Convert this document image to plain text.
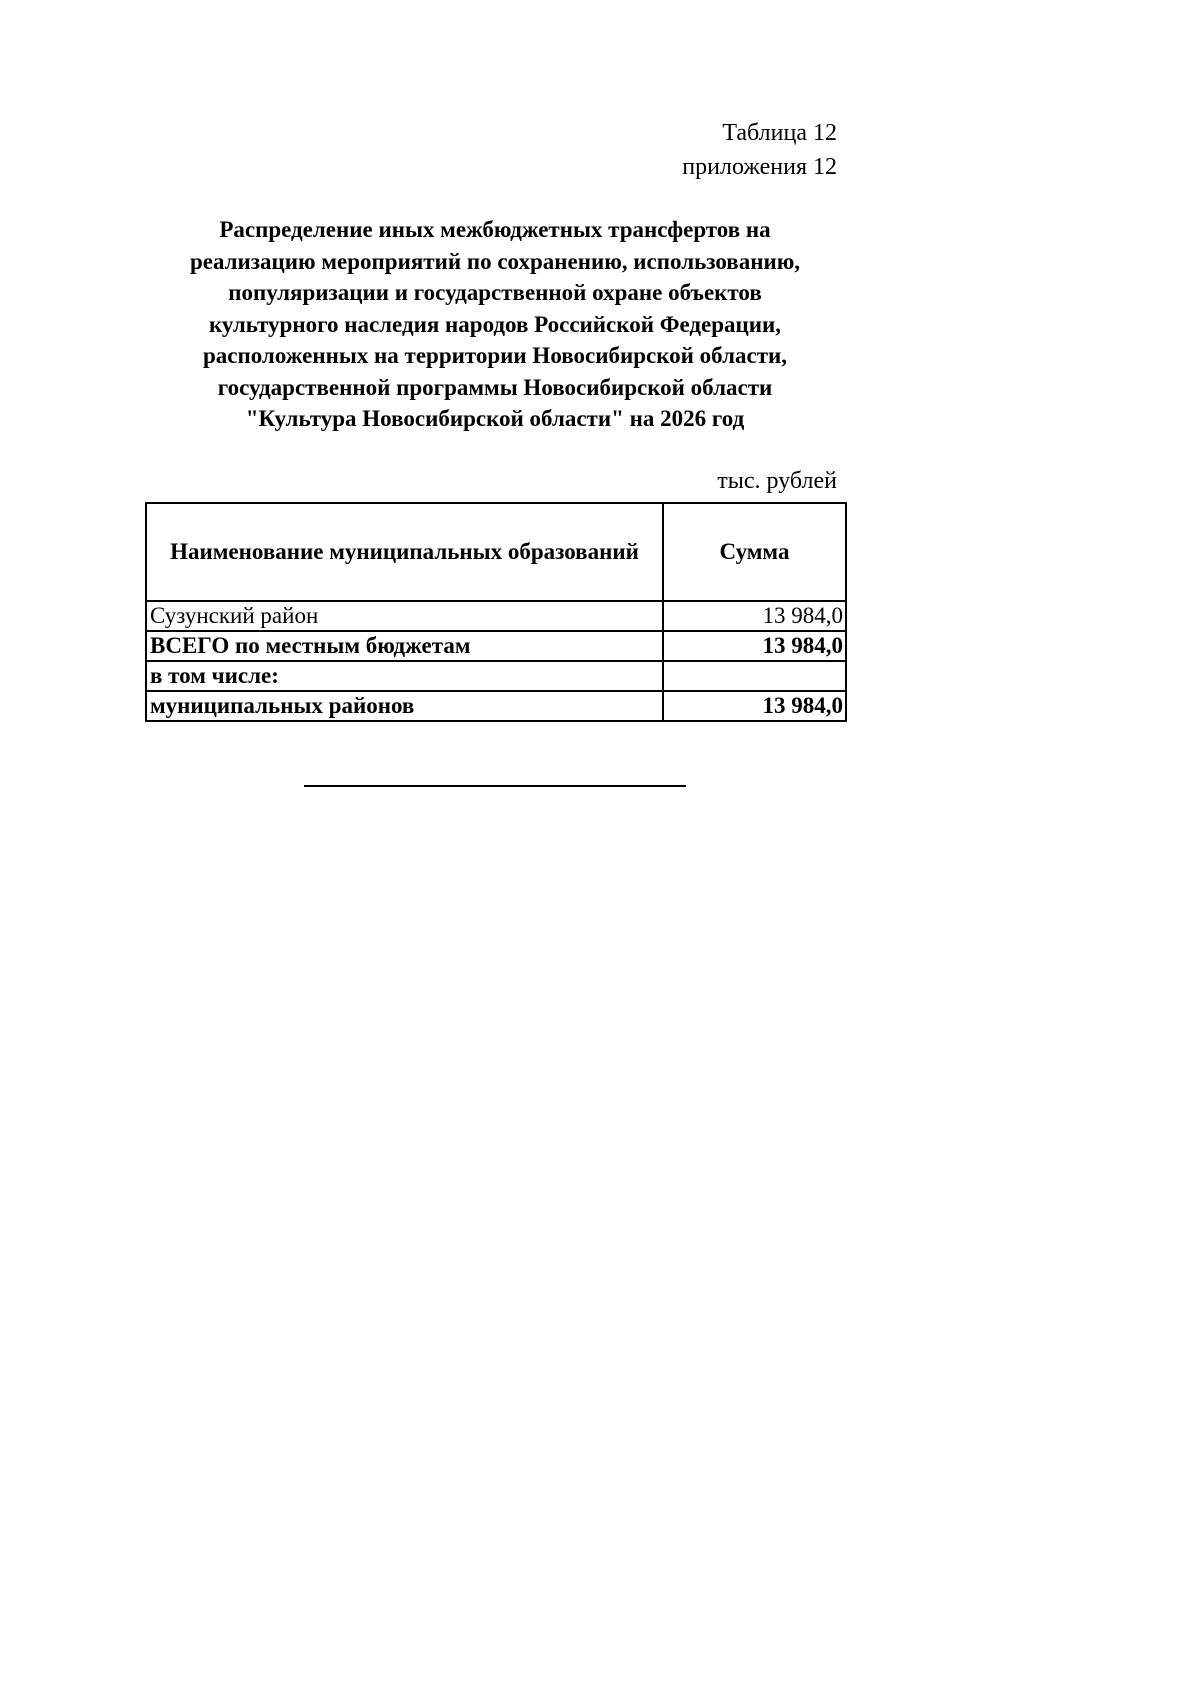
Таблица 12
приложения 12
Распределение иных межбюджетных трансфертов на
реализацию мероприятий по сохранению, использованию,
популяризации и государственной охране объектов
культурного наследия народов Российской Федерации,
расположенных на территории Новосибирской области,
государственной программы Новосибирской области
"Культура Новосибирской области" на 2026 год
тыс. рублей
Наименование муниципальных образований	Сумма
Сузунский район	13 984,0
ВСЕГО по местным бюджетам	13 984,0
в том числе:	
муниципальных районов	13 984,0
